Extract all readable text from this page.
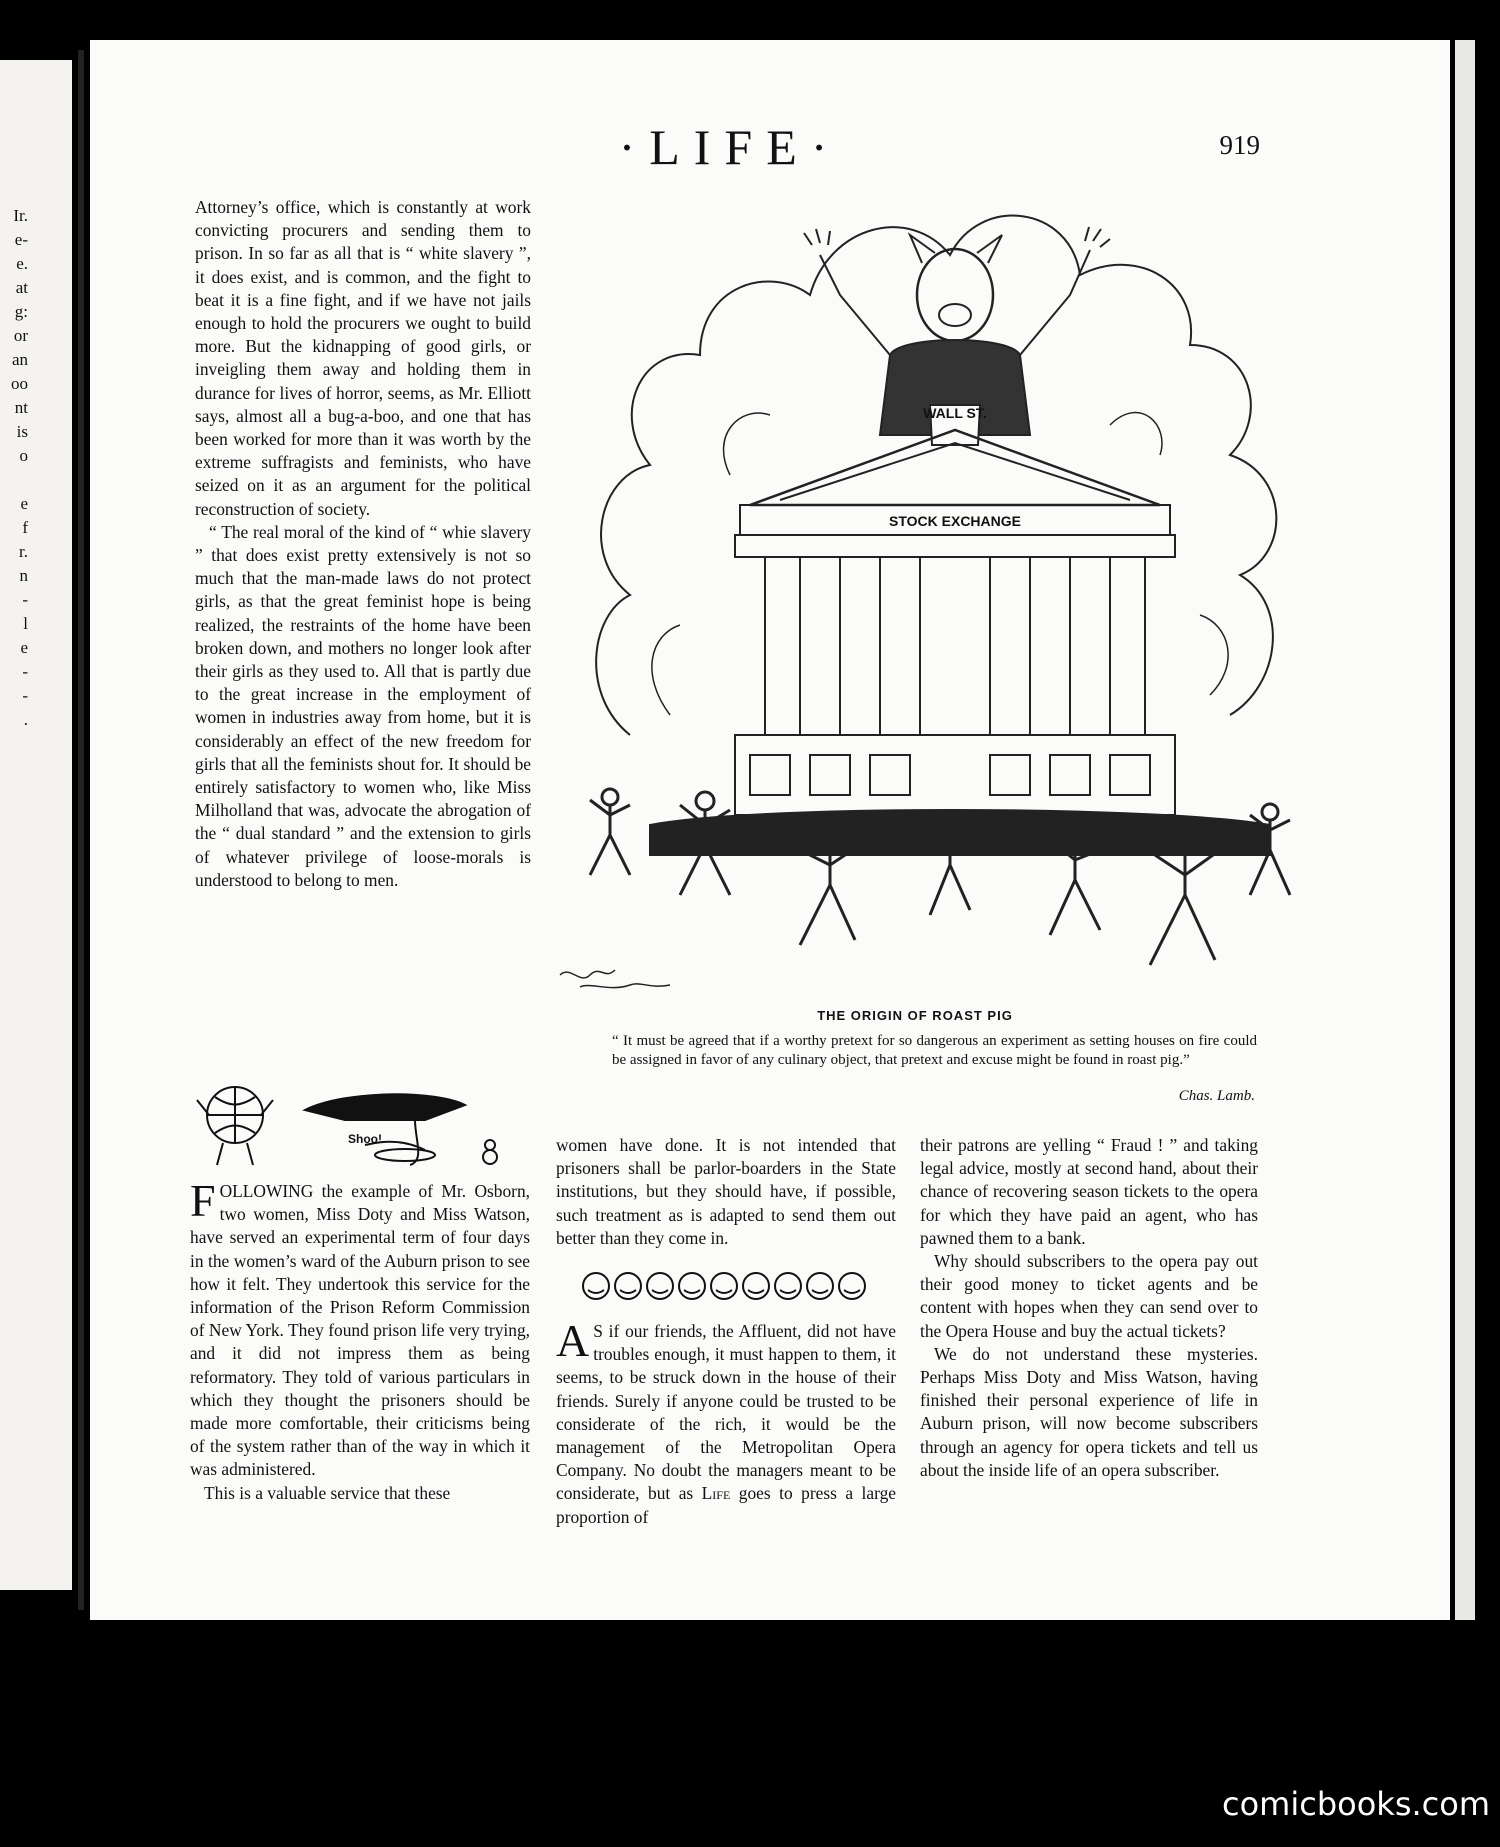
Ir.
e-
e.
at
g:
or
an
oo
nt
is
o
e
f
r.
n
-
l
e
-
-
.
·LIFE·	919

Attorney’s office, which is constantly at work convicting procurers and sending them to prison. In so far as all that is “ white slavery ”, it does exist, and is common, and the fight to beat it is a fine fight, and if we have not jails enough to hold the procurers we ought to build more. But the kidnapping of good girls, or inveigling them away and holding them in durance for lives of horror, seems, as Mr. Elliott says, almost all a bug-a-boo, and one that has been worked for more than it was worth by the extreme suffragists and feminists, who have seized on it as an argument for the political reconstruction of society.

“ The real moral of the kind of “ whie slavery ” that does exist pretty extensively is not so much that the man-made laws do not protect girls, as that the great feminist hope is being realized, the restraints of the home have been broken down, and mothers no longer look after their girls as they used to. All that is partly due to the great increase in the employment of women in industries away from home, but it is considerably an effect of the new freedom for girls that all the feminists shout for. It should be entirely satisfactory to women who, like Miss Milholland that was, advocate the abrogation of the “ dual standard ” and the extension to girls of whatever privilege of loose-morals is understood to belong to men.

WALL ST.
STOCK EXCHANGE
THE ORIGIN OF ROAST PIG
“ It must be agreed that if a worthy pretext for so dangerous an experiment as setting houses on fire could be assigned in favor of any culinary object, that pretext and excuse might be found in roast pig.”
Chas. Lamb.
Shoo!

FOLLOWING the example of Mr. Osborn, two women, Miss Doty and Miss Watson, have served an experimental term of four days in the women’s ward of the Auburn prison to see how it felt. They undertook this service for the information of the Prison Reform Commission of New York. They found prison life very trying, and it did not impress them as being reformatory. They told of various particulars in which they thought the prisoners should be made more comfortable, their criticisms being of the system rather than of the way in which it was administered.

This is a valuable service that these

women have done. It is not intended that prisoners shall be parlor-boarders in the State institutions, but they should have, if possible, such treatment as is adapted to send them out better than they come in.

A S if our friends, the Affluent, did not have troubles enough, it must happen to them, it seems, to be struck down in the house of their friends. Surely if anyone could be trusted to be considerate of the rich, it would be the management of the Metropolitan Opera Company. No doubt the managers meant to be considerate, but as Life goes to press a large proportion of

their patrons are yelling “ Fraud ! ” and taking legal advice, mostly at second hand, about their chance of recovering season tickets to the opera for which they have paid an agent, who has pawned them to a bank.

Why should subscribers to the opera pay out their good money to ticket agents and be content with hopes when they can send over to the Opera House and buy the actual tickets?

We do not understand these mysteries. Perhaps Miss Doty and Miss Watson, having finished their personal experience of life in Auburn prison, will now become subscribers through an agency for opera tickets and tell us about the inside life of an opera subscriber.

comicbooks.com
